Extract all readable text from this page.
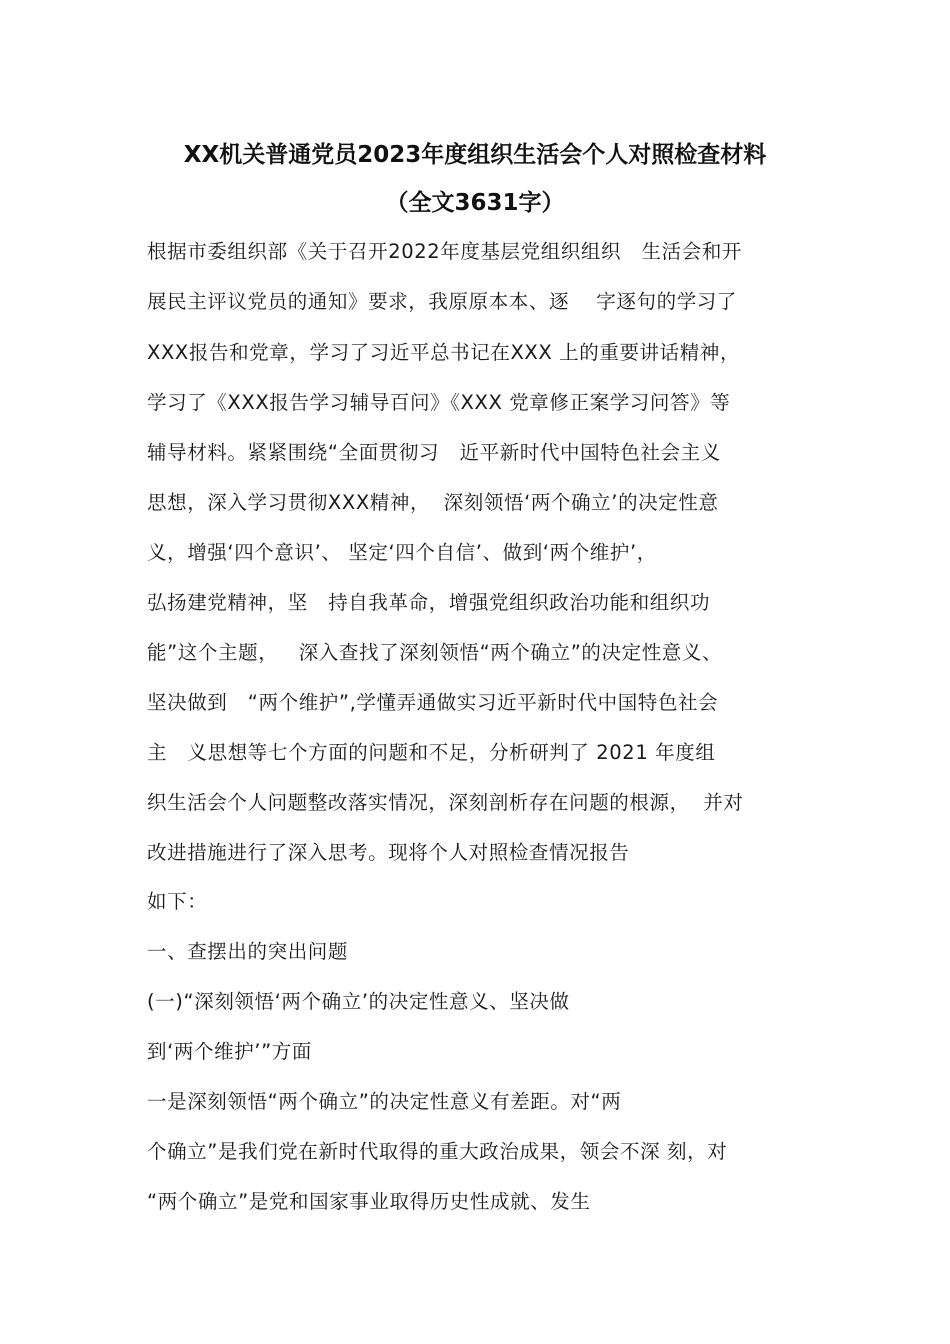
XX机关普通党员2023年度组织生活会个人对照检查材料
（全文3631字）
根据市委组织部《关于召开2022年度基层党组织组织   生活会和开
展民主评议党员的通知》要求，我原原本本、逐    字逐句的学习了
XXX报告和党章，学习了习近平总书记在XXX 上的重要讲话精神，
学习了《XXX报告学习辅导百问》《XXX 党章修正案学习问答》等
辅导材料。紧紧围绕“全面贯彻习   近平新时代中国特色社会主义
思想，深入学习贯彻XXX精神，  深刻领悟‘两个确立’的决定性意
义，增强‘四个意识’、 坚定‘四个自信’、做到‘两个维护’，
弘扬建党精神，坚   持自我革命，增强党组织政治功能和组织功
能”这个主题，   深入查找了深刻领悟“两个确立”的决定性意义、
坚决做到   “两个维护”,学懂弄通做实习近平新时代中国特色社会
主   义思想等七个方面的问题和不足，分析研判了 2021 年度组
织生活会个人问题整改落实情况，深刻剖析存在问题的根源，  并对
改进措施进行了深入思考。现将个人对照检查情况报告
如下：
一、查摆出的突出问题
(一)“深刻领悟‘两个确立’的决定性意义、坚决做
到‘两个维护’”方面
一是深刻领悟“两个确立”的决定性意义有差距。对“两
个确立”是我们党在新时代取得的重大政治成果，领会不深 刻，对
“两个确立”是党和国家事业取得历史性成就、发生
